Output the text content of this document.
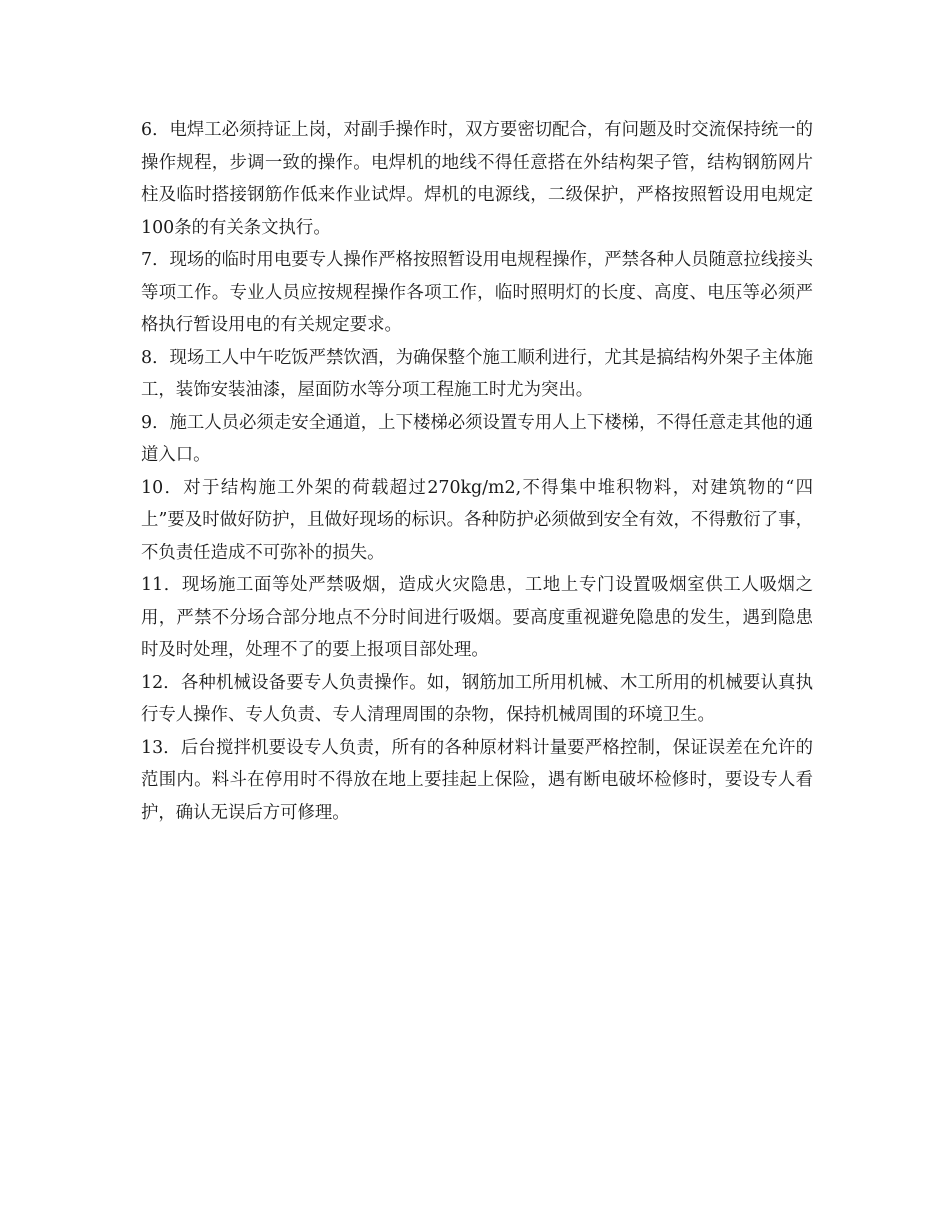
6．电焊工必须持证上岗，对副手操作时，双方要密切配合，有问题及时交流保持统一的操作规程，步调一致的操作。电焊机的地线不得任意搭在外结构架子管，结构钢筋网片柱及临时搭接钢筋作低来作业试焊。焊机的电源线，二级保护，严格按照暂设用电规定100条的有关条文执行。

7．现场的临时用电要专人操作严格按照暂设用电规程操作，严禁各种人员随意拉线接头等项工作。专业人员应按规程操作各项工作，临时照明灯的长度、高度、电压等必须严格执行暂设用电的有关规定要求。

8．现场工人中午吃饭严禁饮酒，为确保整个施工顺利进行，尤其是搞结构外架子主体施工，装饰安装油漆，屋面防水等分项工程施工时尤为突出。

9．施工人员必须走安全通道，上下楼梯必须设置专用人上下楼梯，不得任意走其他的通道入口。

10．对于结构施工外架的荷载超过270kg/m2,不得集中堆积物料，对建筑物的“四上”要及时做好防护，且做好现场的标识。各种防护必须做到安全有效，不得敷衍了事，不负责任造成不可弥补的损失。

11．现场施工面等处严禁吸烟，造成火灾隐患，工地上专门设置吸烟室供工人吸烟之用，严禁不分场合部分地点不分时间进行吸烟。要高度重视避免隐患的发生，遇到隐患时及时处理，处理不了的要上报项目部处理。

12．各种机械设备要专人负责操作。如，钢筋加工所用机械、木工所用的机械要认真执行专人操作、专人负责、专人清理周围的杂物，保持机械周围的环境卫生。

13．后台搅拌机要设专人负责，所有的各种原材料计量要严格控制，保证误差在允许的范围内。料斗在停用时不得放在地上要挂起上保险，遇有断电破坏检修时，要设专人看护，确认无误后方可修理。
